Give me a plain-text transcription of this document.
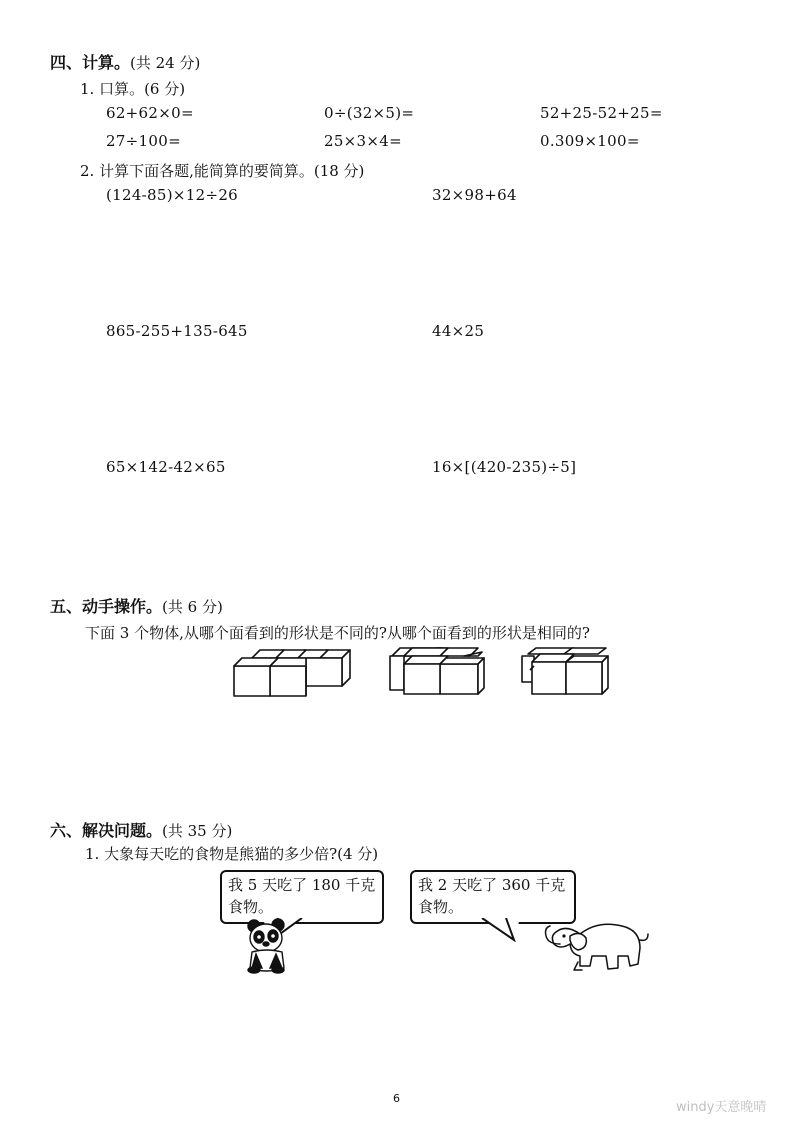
四、计算。(共 24 分)
1. 口算。(6 分)
62+62×0=	0÷(32×5)=	52+25-52+25=
27÷100=	25×3×4=	0.309×100=
2. 计算下面各题,能简算的要简算。(18 分)
(124-85)×12÷26	32×98+64
865-255+135-645	44×25
65×142-42×65	16×[(420-235)÷5]
五、动手操作。(共 6 分)
下面 3 个物体,从哪个面看到的形状是不同的?从哪个面看到的形状是相同的?
六、解决问题。(共 35 分)
1. 大象每天吃的食物是熊猫的多少倍?(4 分)
我 5 天吃了 180 千克
食物。
我 2 天吃了 360 千克
食物。
6
windy天意晚晴
